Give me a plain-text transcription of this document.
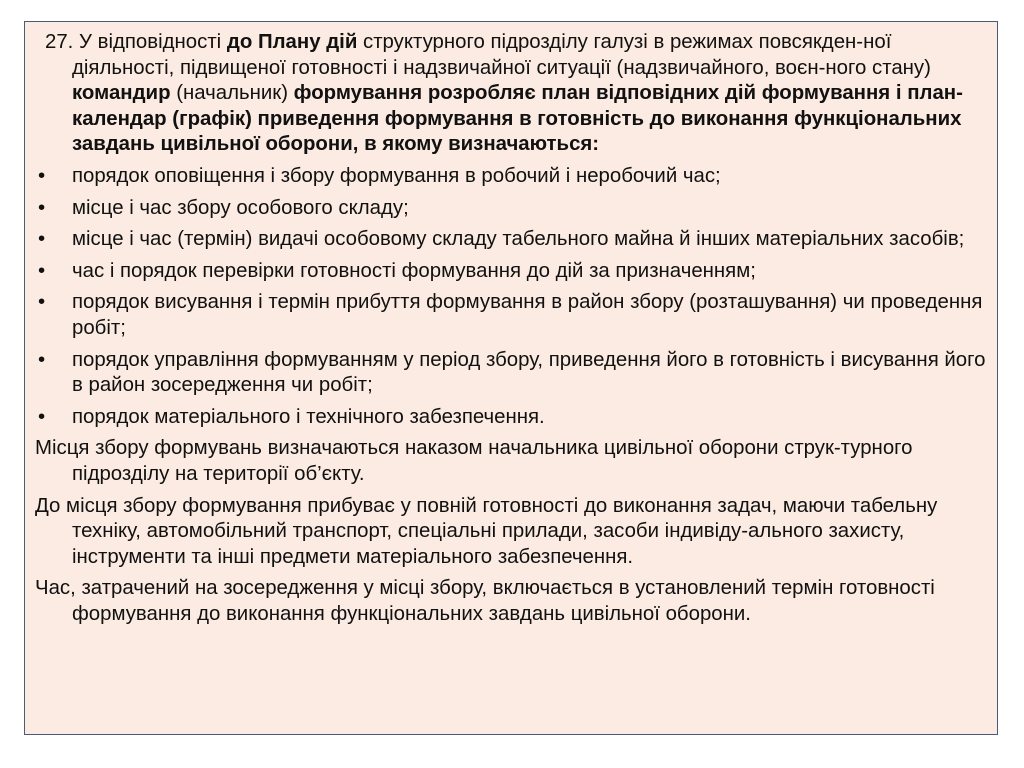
27. У відповідності до Плану дій структурного підрозділу галузі в режимах повсякден-ної діяльності, підвищеної готовності і надзвичайної ситуації (надзвичайного, воєн-ного стану) командир (начальник) формування розробляє план відповідних дій формування і план-календар (графік) приведення формування в готовність до виконання функціональних завдань цивільної оборони, в якому визначаються:

• порядок оповіщення і збору формування в робочий і неробочий час;
• місце і час збору особового складу;
• місце і час (термін) видачі особовому складу табельного майна й інших матеріальних засобів;
• час і порядок перевірки готовності формування до дій за призначенням;
• порядок висування і термін прибуття формування в район збору (розташування) чи проведення робіт;
• порядок управління формуванням у період збору, приведення його в готовність і висування його в район зосередження чи робіт;
• порядок матеріального і технічного забезпечення.

Місця збору формувань визначаються наказом начальника цивільної оборони струк-турного підрозділу на території об’єкту.

До місця збору формування прибуває у повній готовності до виконання задач, маючи табельну техніку, автомобільний транспорт, спеціальні прилади, засоби індивіду-ального захисту, інструменти та інші предмети матеріального забезпечення.

Час, затрачений на зосередження у місці збору, включається в установлений термін готовності формування до виконання функціональних завдань цивільної оборони.
